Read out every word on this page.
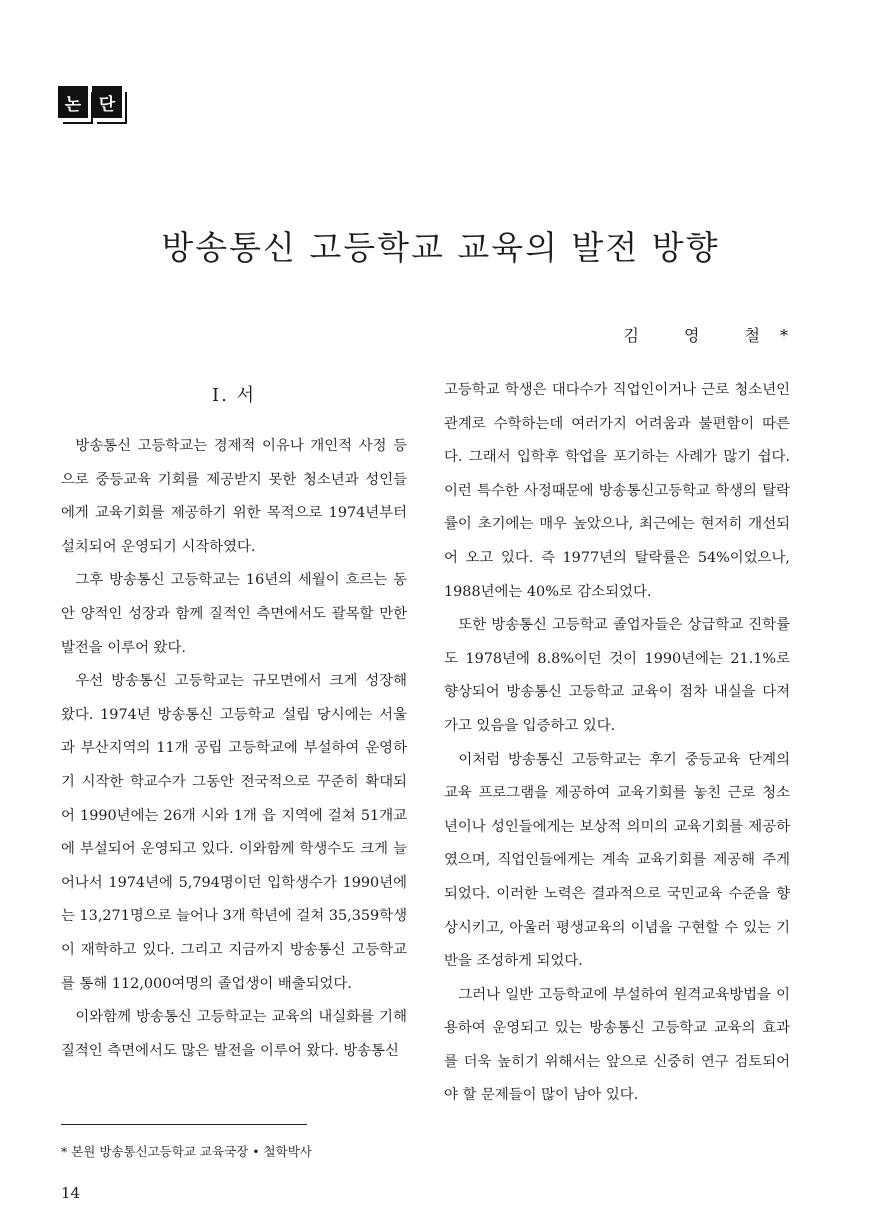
논	단
방송통신 고등학교 교육의 발전 방향
김 영 철*
Ⅰ. 서

방송통신 고등학교는 경제적 이유나 개인적 사정 등으로 중등교육 기회를 제공받지 못한 청소년과 성인들에게 교육기회를 제공하기 위한 목적으로 1974년부터 설치되어 운영되기 시작하였다.

그후 방송통신 고등학교는 16년의 세월이 흐르는 동안 양적인 성장과 함께 질적인 측면에서도 괄목할 만한 발전을 이루어 왔다.

우선 방송통신 고등학교는 규모면에서 크게 성장해 왔다. 1974년 방송통신 고등학교 설립 당시에는 서울과 부산지역의 11개 공립 고등학교에 부설하여 운영하기 시작한 학교수가 그동안 전국적으로 꾸준히 확대되어 1990년에는 26개 시와 1개 읍 지역에 걸쳐 51개교에 부설되어 운영되고 있다. 이와함께 학생수도 크게 늘어나서 1974년에 5,794명이던 입학생수가 1990년에는 13,271명으로 늘어나 3개 학년에 걸쳐 35,359학생이 재학하고 있다. 그리고 지금까지 방송통신 고등학교를 통해 112,000여명의 졸업생이 배출되었다.

이와함께 방송통신 고등학교는 교육의 내실화를 기해 질적인 측면에서도 많은 발전을 이루어 왔다. 방송통신

고등학교 학생은 대다수가 직업인이거나 근로 청소년인 관계로 수학하는데 여러가지 어려움과 불편함이 따른다. 그래서 입학후 학업을 포기하는 사례가 많기 쉽다. 이런 특수한 사정때문에 방송통신고등학교 학생의 탈락률이 초기에는 매우 높았으나, 최근에는 현저히 개선되어 오고 있다. 즉 1977년의 탈락률은 54%이었으나, 1988년에는 40%로 감소되었다.

또한 방송통신 고등학교 졸업자들은 상급학교 진학률도 1978년에 8.8%이던 것이 1990년에는 21.1%로 향상되어 방송통신 고등학교 교육이 점차 내실을 다져가고 있음을 입증하고 있다.

이처럼 방송통신 고등학교는 후기 중등교육 단계의 교육 프로그램을 제공하여 교육기회를 놓친 근로 청소년이나 성인들에게는 보상적 의미의 교육기회를 제공하였으며, 직업인들에게는 계속 교육기회를 제공해 주게 되었다. 이러한 노력은 결과적으로 국민교육 수준을 향상시키고, 아울러 평생교육의 이념을 구현할 수 있는 기반을 조성하게 되었다.

그러나 일반 고등학교에 부설하여 원격교육방법을 이용하여 운영되고 있는 방송통신 고등학교 교육의 효과를 더욱 높히기 위해서는 앞으로 신중히 연구 검토되어야 할 문제들이 많이 남아 있다.

* 본원 방송통신고등학교 교육국장 • 철학박사
14
